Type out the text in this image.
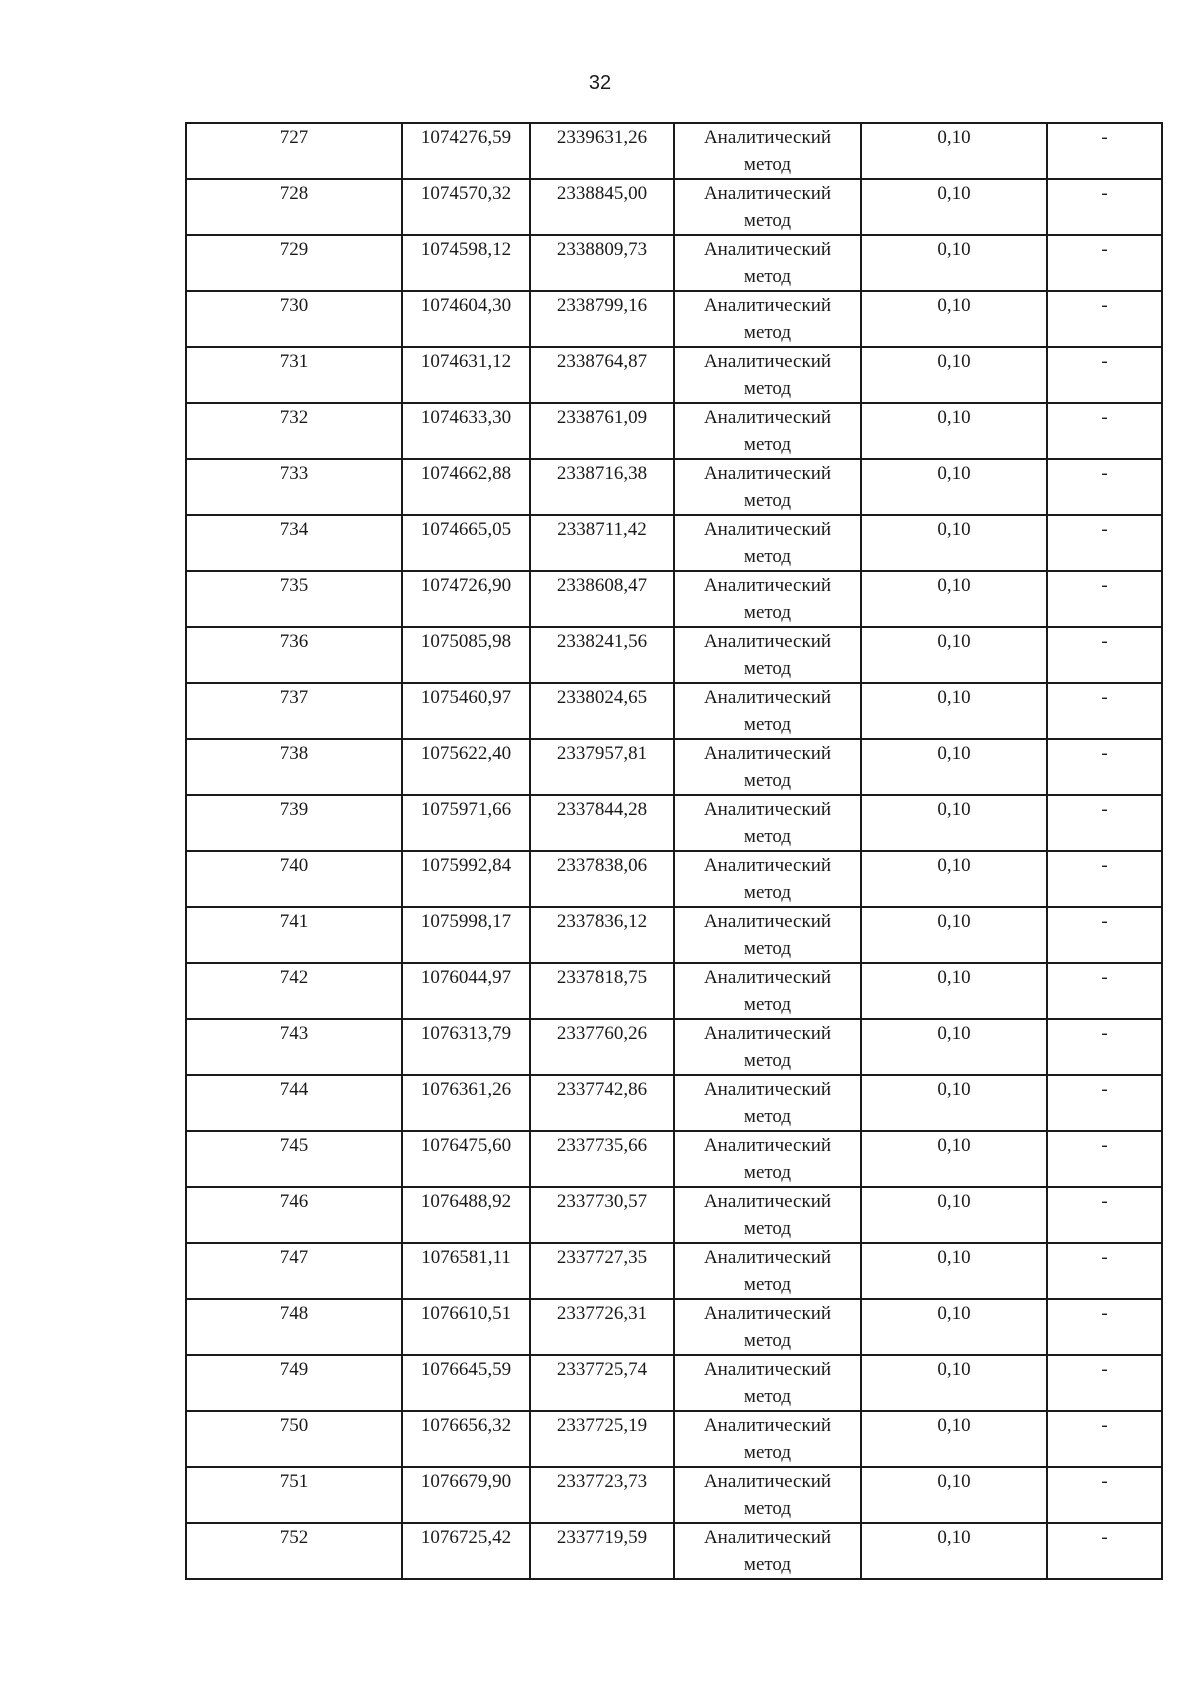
32
727	1074276,59	2339631,26	Аналитический
метод	0,10	-
728	1074570,32	2338845,00	Аналитический
метод	0,10	-
729	1074598,12	2338809,73	Аналитический
метод	0,10	-
730	1074604,30	2338799,16	Аналитический
метод	0,10	-
731	1074631,12	2338764,87	Аналитический
метод	0,10	-
732	1074633,30	2338761,09	Аналитический
метод	0,10	-
733	1074662,88	2338716,38	Аналитический
метод	0,10	-
734	1074665,05	2338711,42	Аналитический
метод	0,10	-
735	1074726,90	2338608,47	Аналитический
метод	0,10	-
736	1075085,98	2338241,56	Аналитический
метод	0,10	-
737	1075460,97	2338024,65	Аналитический
метод	0,10	-
738	1075622,40	2337957,81	Аналитический
метод	0,10	-
739	1075971,66	2337844,28	Аналитический
метод	0,10	-
740	1075992,84	2337838,06	Аналитический
метод	0,10	-
741	1075998,17	2337836,12	Аналитический
метод	0,10	-
742	1076044,97	2337818,75	Аналитический
метод	0,10	-
743	1076313,79	2337760,26	Аналитический
метод	0,10	-
744	1076361,26	2337742,86	Аналитический
метод	0,10	-
745	1076475,60	2337735,66	Аналитический
метод	0,10	-
746	1076488,92	2337730,57	Аналитический
метод	0,10	-
747	1076581,11	2337727,35	Аналитический
метод	0,10	-
748	1076610,51	2337726,31	Аналитический
метод	0,10	-
749	1076645,59	2337725,74	Аналитический
метод	0,10	-
750	1076656,32	2337725,19	Аналитический
метод	0,10	-
751	1076679,90	2337723,73	Аналитический
метод	0,10	-
752	1076725,42	2337719,59	Аналитический
метод	0,10	-
